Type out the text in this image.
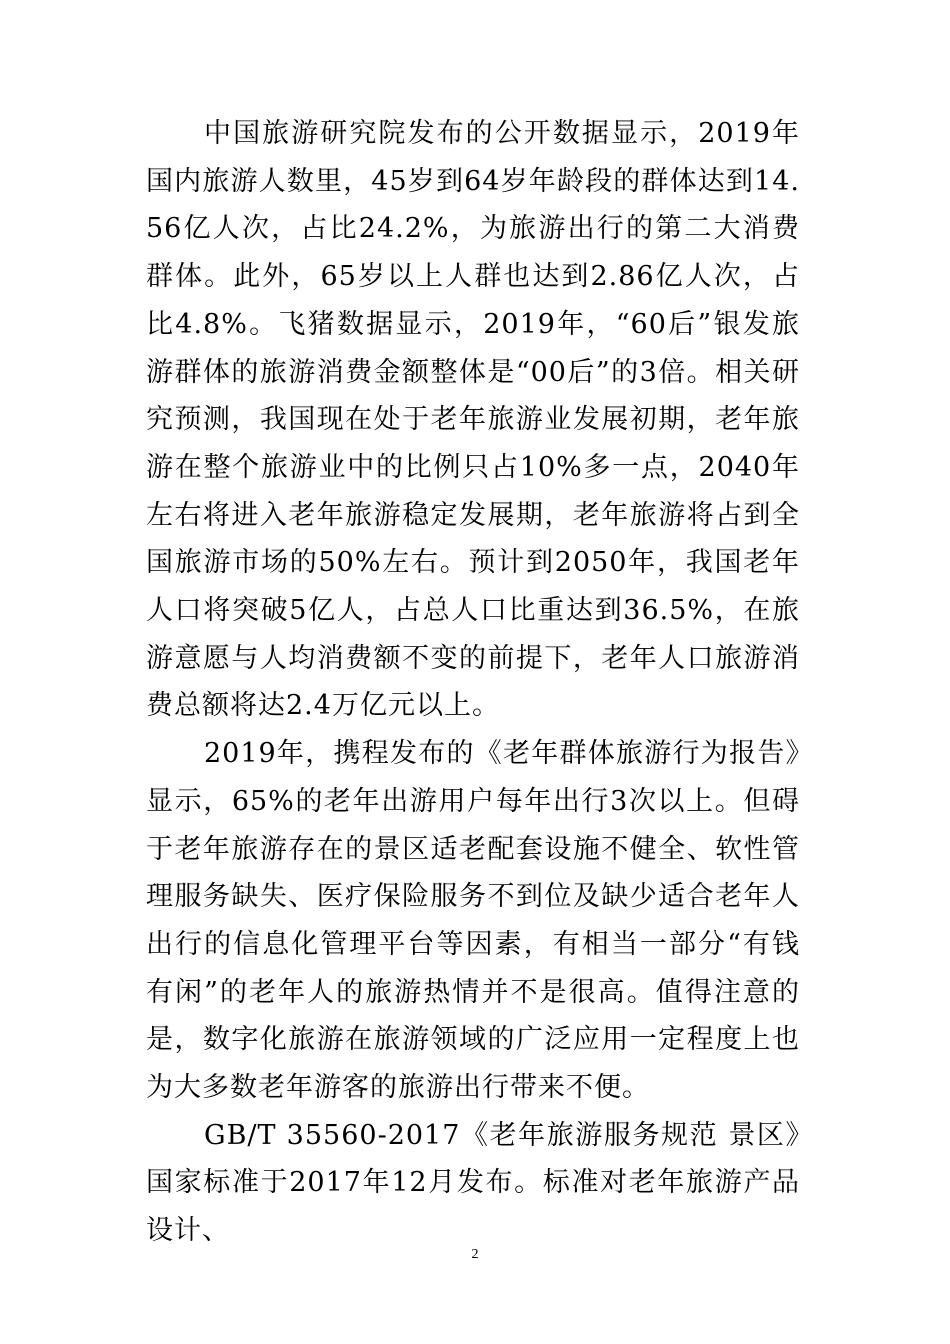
中国旅游研究院发布的公开数据显示，2019年国内旅游人数里，45岁到64岁年龄段的群体达到14.56亿人次，占比24.2%，为旅游出行的第二大消费群体。此外，65岁以上人群也达到2.86亿人次，占比4.8%。飞猪数据显示，2019年，“60后”银发旅游群体的旅游消费金额整体是“00后”的3倍。相关研究预测，我国现在处于老年旅游业发展初期，老年旅游在整个旅游业中的比例只占10%多一点，2040年左右将进入老年旅游稳定发展期，老年旅游将占到全国旅游市场的50%左右。预计到2050年，我国老年人口将突破5亿人，占总人口比重达到36.5%，在旅游意愿与人均消费额不变的前提下，老年人口旅游消费总额将达2.4万亿元以上。

2019年，携程发布的《老年群体旅游行为报告》显示，65%的老年出游用户每年出行3次以上。但碍于老年旅游存在的景区适老配套设施不健全、软性管理服务缺失、医疗保险服务不到位及缺少适合老年人出行的信息化管理平台等因素，有相当一部分“有钱有闲”的老年人的旅游热情并不是很高。值得注意的是，数字化旅游在旅游领域的广泛应用一定程度上也为大多数老年游客的旅游出行带来不便。

GB/T 35560-2017《老年旅游服务规范 景区》国家标准于2017年12月发布。标准对老年旅游产品设计、

2
